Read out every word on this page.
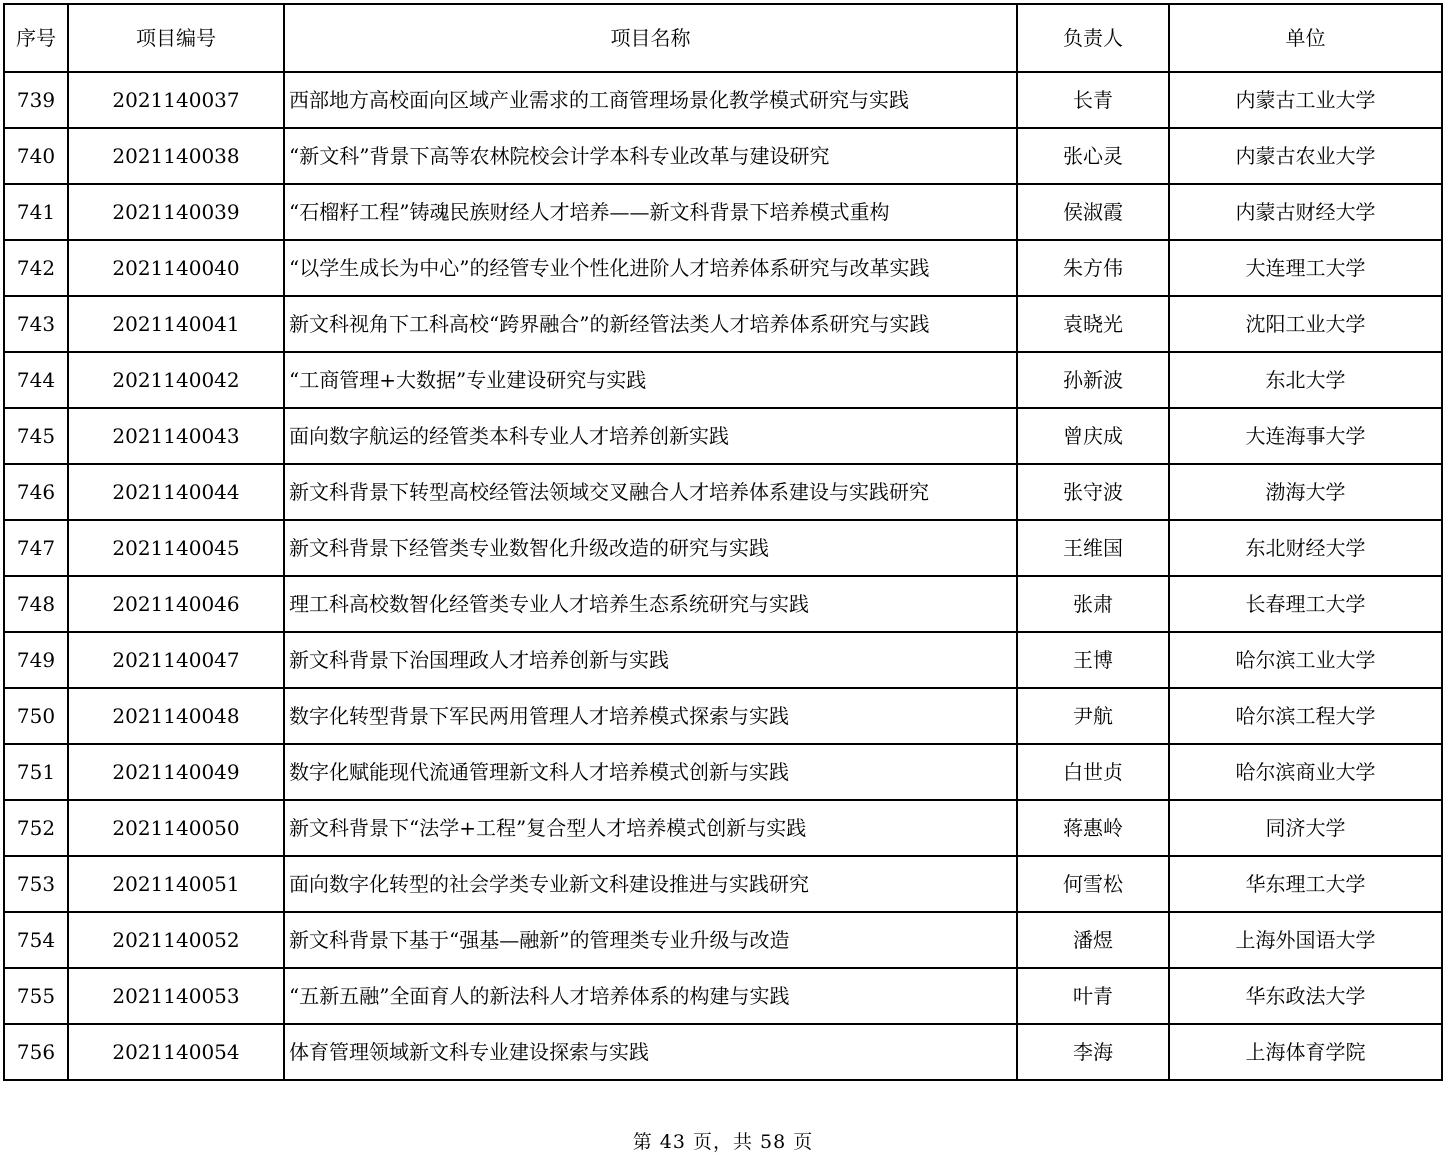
序号	项目编号	项目名称	负责人	单位
739	2021140037	西部地方高校面向区域产业需求的工商管理场景化教学模式研究与实践	长青	内蒙古工业大学
740	2021140038	“新文科”背景下高等农林院校会计学本科专业改革与建设研究	张心灵	内蒙古农业大学
741	2021140039	“石榴籽工程”铸魂民族财经人才培养——新文科背景下培养模式重构	侯淑霞	内蒙古财经大学
742	2021140040	“以学生成长为中心”的经管专业个性化进阶人才培养体系研究与改革实践	朱方伟	大连理工大学
743	2021140041	新文科视角下工科高校“跨界融合”的新经管法类人才培养体系研究与实践	袁晓光	沈阳工业大学
744	2021140042	“工商管理+大数据”专业建设研究与实践	孙新波	东北大学
745	2021140043	面向数字航运的经管类本科专业人才培养创新实践	曾庆成	大连海事大学
746	2021140044	新文科背景下转型高校经管法领域交叉融合人才培养体系建设与实践研究	张守波	渤海大学
747	2021140045	新文科背景下经管类专业数智化升级改造的研究与实践	王维国	东北财经大学
748	2021140046	理工科高校数智化经管类专业人才培养生态系统研究与实践	张肃	长春理工大学
749	2021140047	新文科背景下治国理政人才培养创新与实践	王博	哈尔滨工业大学
750	2021140048	数字化转型背景下军民两用管理人才培养模式探索与实践	尹航	哈尔滨工程大学
751	2021140049	数字化赋能现代流通管理新文科人才培养模式创新与实践	白世贞	哈尔滨商业大学
752	2021140050	新文科背景下“法学+工程”复合型人才培养模式创新与实践	蒋惠岭	同济大学
753	2021140051	面向数字化转型的社会学类专业新文科建设推进与实践研究	何雪松	华东理工大学
754	2021140052	新文科背景下基于“强基—融新”的管理类专业升级与改造	潘煜	上海外国语大学
755	2021140053	“五新五融”全面育人的新法科人才培养体系的构建与实践	叶青	华东政法大学
756	2021140054	体育管理领域新文科专业建设探索与实践	李海	上海体育学院
第 43 页，共 58 页
